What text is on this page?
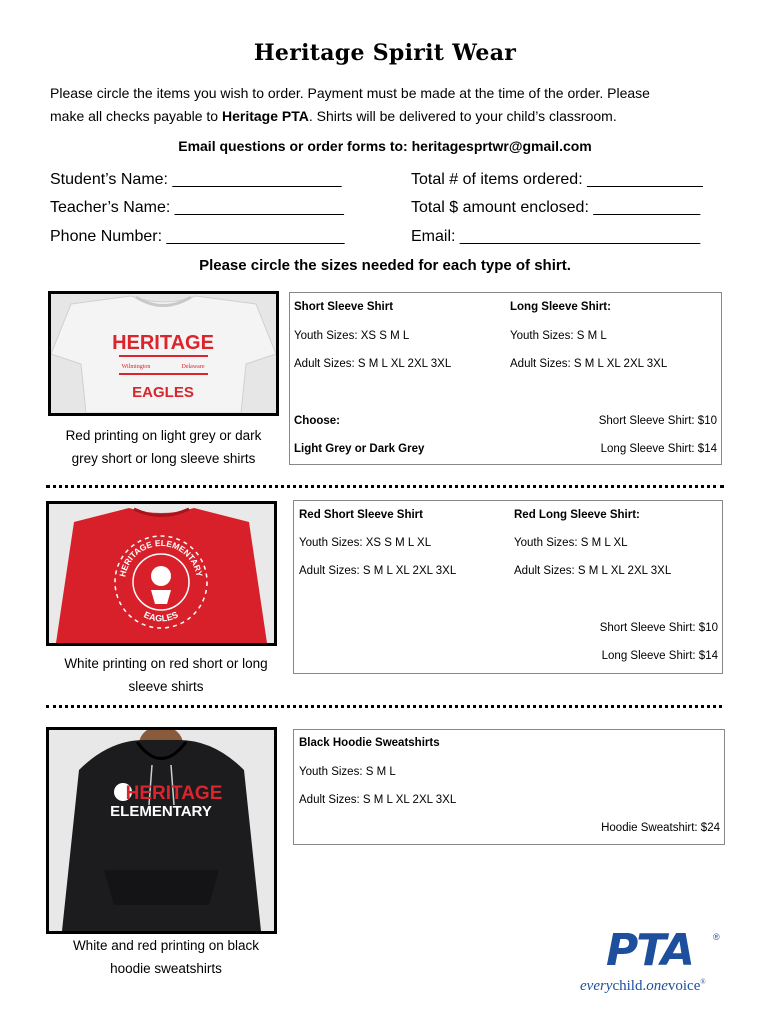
Heritage Spirit Wear
Please circle the items you wish to order. Payment must be made at the time of the order. Please
make all checks payable to Heritage PTA. Shirts will be delivered to your child’s classroom.
Email questions or order forms to: heritagesprtwr@gmail.com
Student’s Name: ___________________
Teacher’s Name: ___________________
Phone Number: ____________________
Total # of items ordered: _____________
Total $ amount enclosed: ____________
Email: ___________________________
Please circle the sizes needed for each type of shirt.
HERITAGE
Wilmington	Delaware
EAGLES
Red printing on light grey or dark
grey short or long sleeve shirts
Short Sleeve Shirt	Long Sleeve Shirt:
Youth Sizes: XS S M L	Youth Sizes: S M L
Adult Sizes: S M L XL 2XL 3XL	Adult Sizes: S M L XL 2XL 3XL
Choose:	Short Sleeve Shirt: $10
Light Grey or Dark Grey	Long Sleeve Shirt: $14
HERITAGE ELEMENTARY
EAGLES
White printing on red short or long
sleeve shirts
Red Short Sleeve Shirt	Red Long Sleeve Shirt:
Youth Sizes: XS S M L XL	Youth Sizes: S M L XL
Adult Sizes: S M L XL 2XL 3XL	Adult Sizes: S M L XL 2XL 3XL
Short Sleeve Shirt: $10
Long Sleeve Shirt: $14
HERITAGE
ELEMENTARY
White and red printing on black
hoodie sweatshirts
Black Hoodie Sweatshirts
Youth Sizes: S M L
Adult Sizes: S M L XL 2XL 3XL
Hoodie Sweatshirt: $24
PTA ®
everychild.onevoice®
